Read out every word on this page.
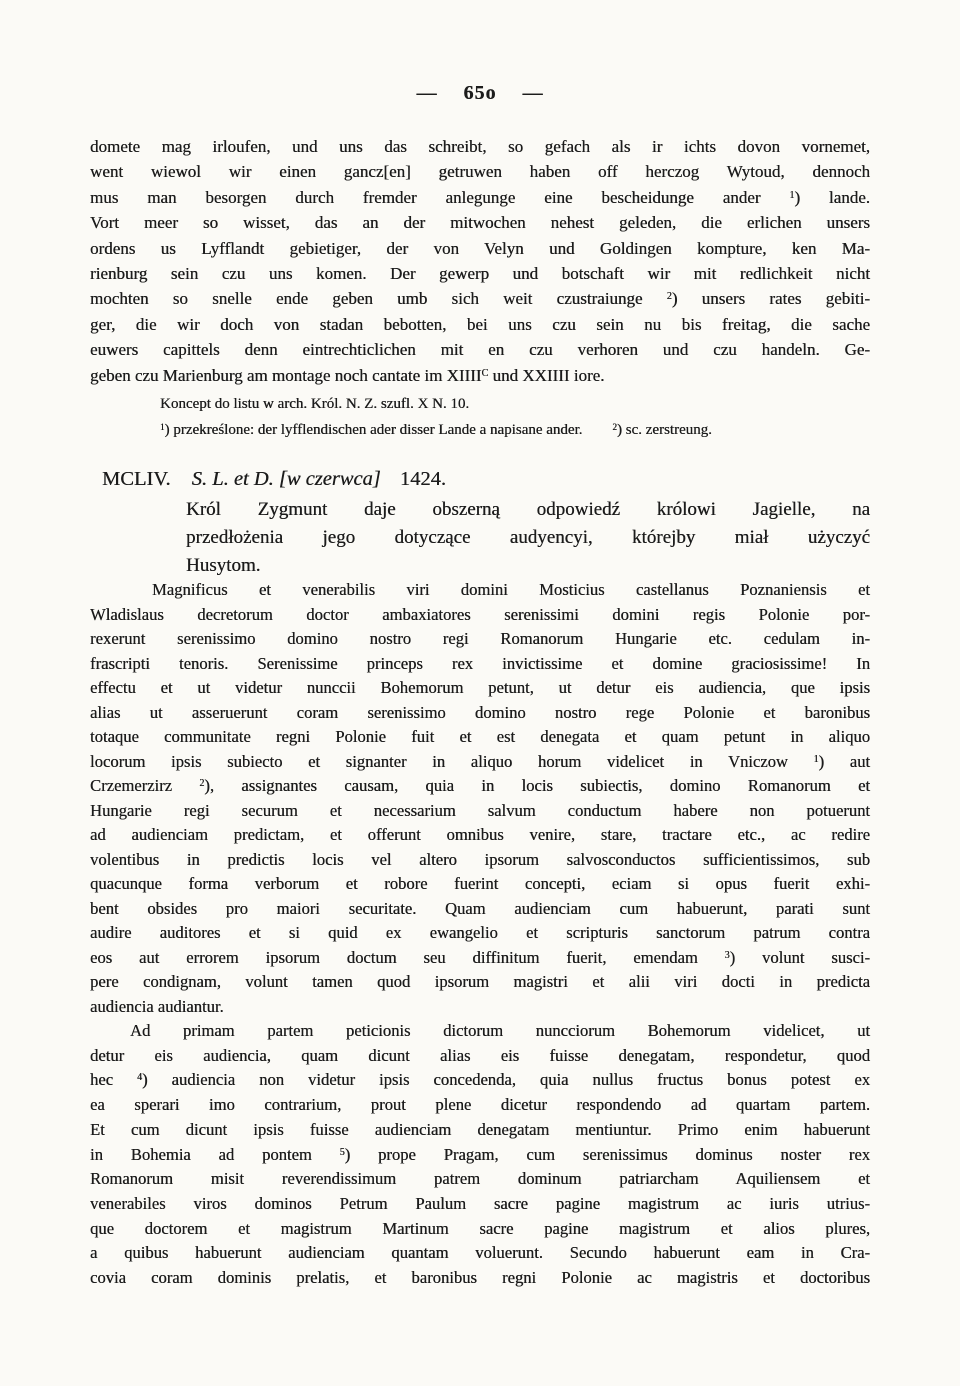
— 65o —
domete mag irloufen, und uns das schreibt, so gefach als ir ichts dovon vornemet,
went wiewol wir einen gancz[en] getruwen haben off herczog Wytoud, dennoch
mus man besorgen durch fremder anlegunge eine bescheidunge ander $^1$) lande.
Vort meer so wisset, das an der mitwochen nehest geleden, die erlichen unsers
ordens us Lyfflandt gebietiger, der von Velyn und Goldingen kompture, ken Ma-
rienburg sein czu uns komen. Der gewerp und botschaft wir mit redlichkeit nicht
mochten so snelle ende geben umb sich weit czustraiunge $^2$) unsers rates gebiti-
ger, die wir doch von stadan bebotten, bei uns czu sein nu bis freitag, die sache
euwers capittels denn eintrechticlichen mit en czu verhoren und czu handeln. Ge-
geben czu Marienburg am montage noch cantate im $XIIII^C$ und XXIIII iore.
Koncept do listu w arch. Król. N. Z. szufl. X N. 10.
$^1$) przekreślone: der lyfflendischen ader disser Lande a napisane ander.  $^2$) sc. zerstreung.
MCLIV. S. L. et D. [w czerwca] 1424.
Król Zygmunt daje obszerną odpowiedź królowi Jagielle, na
przedłożenia jego dotyczące audyencyi, którejby miał użyczyć
Husytom.
Magnificus et venerabilis viri domini Mosticius castellanus Poznaniensis et
Wladislaus decretorum doctor ambaxiatores serenissimi domini regis Polonie por-
rexerunt serenissimo domino nostro regi Romanorum Hungarie etc. cedulam in-
frascripti tenoris. Serenissime princeps rex invictissime et domine graciosissime! In
effectu et ut videtur nunccii Bohemorum petunt, ut detur eis audiencia, que ipsis
alias ut asseruerunt coram serenissimo domino nostro rege Polonie et baronibus
totaque communitate regni Polonie fuit et est denegata et quam petunt in aliquo
locorum ipsis subiecto et signanter in aliquo horum videlicet in Vniczow $^1$) aut
Crzemerzirz $^2$), assignantes causam, quia in locis subiectis, domino Romanorum et
Hungarie regi securum et necessarium salvum conductum habere non potuerunt
ad audienciam predictam, et offerunt omnibus venire, stare, tractare etc., ac redire
volentibus in predictis locis vel altero ipsorum salvosconductos sufficientissimos, sub
quacunque forma verborum et robore fuerint concepti, eciam si opus fuerit exhi-
bent obsides pro maiori securitate. Quam audienciam cum habuerunt, parati sunt
audire auditores et si quid ex ewangelio et scripturis sanctorum patrum contra
eos aut errorem ipsorum doctum seu diffinitum fuerit, emendam $^3$) volunt susci-
pere condignam, volunt tamen quod ipsorum magistri et alii viri docti in predicta
audiencia audiantur.
Ad primam partem peticionis dictorum nuncciorum Bohemorum videlicet, ut
detur eis audiencia, quam dicunt alias eis fuisse denegatam, respondetur, quod
hec $^4$) audiencia non videtur ipsis concedenda, quia nullus fructus bonus potest ex
ea sperari imo contrarium, prout plene dicetur respondendo ad quartam partem.
Et cum dicunt ipsis fuisse audienciam denegatam mentiuntur. Primo enim habuerunt
in Bohemia ad pontem $^5$) prope Pragam, cum serenissimus dominus noster rex
Romanorum misit reverendissimum patrem dominum patriarcham Aquiliensem et
venerabiles viros dominos Petrum Paulum sacre pagine magistrum ac iuris utrius-
que doctorem et magistrum Martinum sacre pagine magistrum et alios plures,
a quibus habuerunt audienciam quantam voluerunt. Secundo habuerunt eam in Cra-
covia coram dominis prelatis, et baronibus regni Polonie ac magistris et doctoribus
